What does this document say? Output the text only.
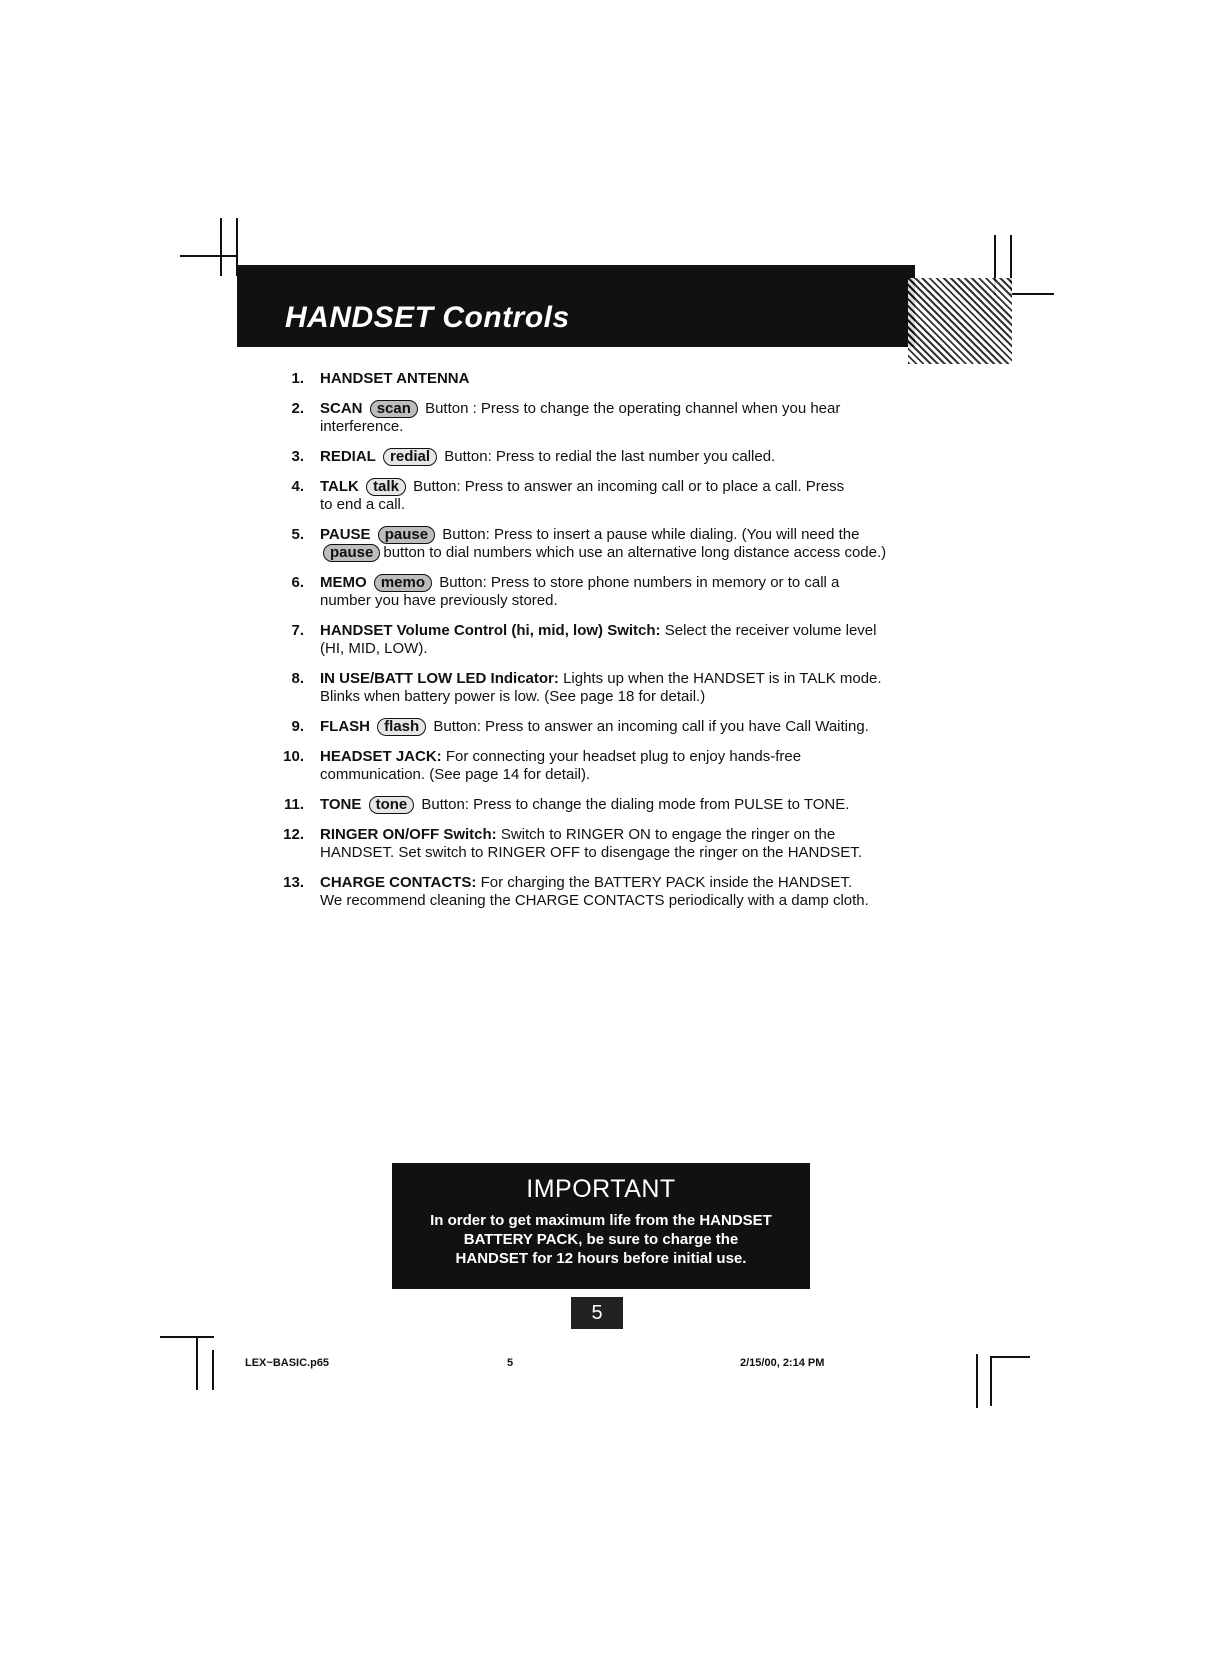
HANDSET Controls
1. HANDSET ANTENNA
2. SCAN scan Button : Press to change the operating channel when you hear
interference.
3. REDIAL redial Button: Press to redial the last number you called.
4. TALK talk Button: Press to answer an incoming call or to place a call. Press
to end a call.
5. PAUSE pause Button: Press to insert a pause while dialing. (You will need the
pause button to dial numbers which use an alternative long distance access code.)
6. MEMO memo Button: Press to store phone numbers in memory or to call a
number you have previously stored.
7. HANDSET Volume Control (hi, mid, low) Switch: Select the receiver volume level
(HI, MID, LOW).
8. IN USE/BATT LOW LED Indicator: Lights up when the HANDSET is in TALK mode.
Blinks when battery power is low. (See page 18 for detail.)
9. FLASH flash Button: Press to answer an incoming call if you have Call Waiting.
10. HEADSET JACK: For connecting your headset plug to enjoy hands-free
communication. (See page 14 for detail).
11. TONE tone Button: Press to change the dialing mode from PULSE to TONE.
12. RINGER ON/OFF Switch: Switch to RINGER ON to engage the ringer on the
HANDSET. Set switch to RINGER OFF to disengage the ringer on the HANDSET.
13. CHARGE CONTACTS: For charging the BATTERY PACK inside the HANDSET.
We recommend cleaning the CHARGE CONTACTS periodically with a damp cloth.
IMPORTANT
In order to get maximum life from the HANDSET
BATTERY PACK, be sure to charge the
HANDSET for 12 hours before initial use.
5
LEX~BASIC.p65	5	2/15/00, 2:14 PM
